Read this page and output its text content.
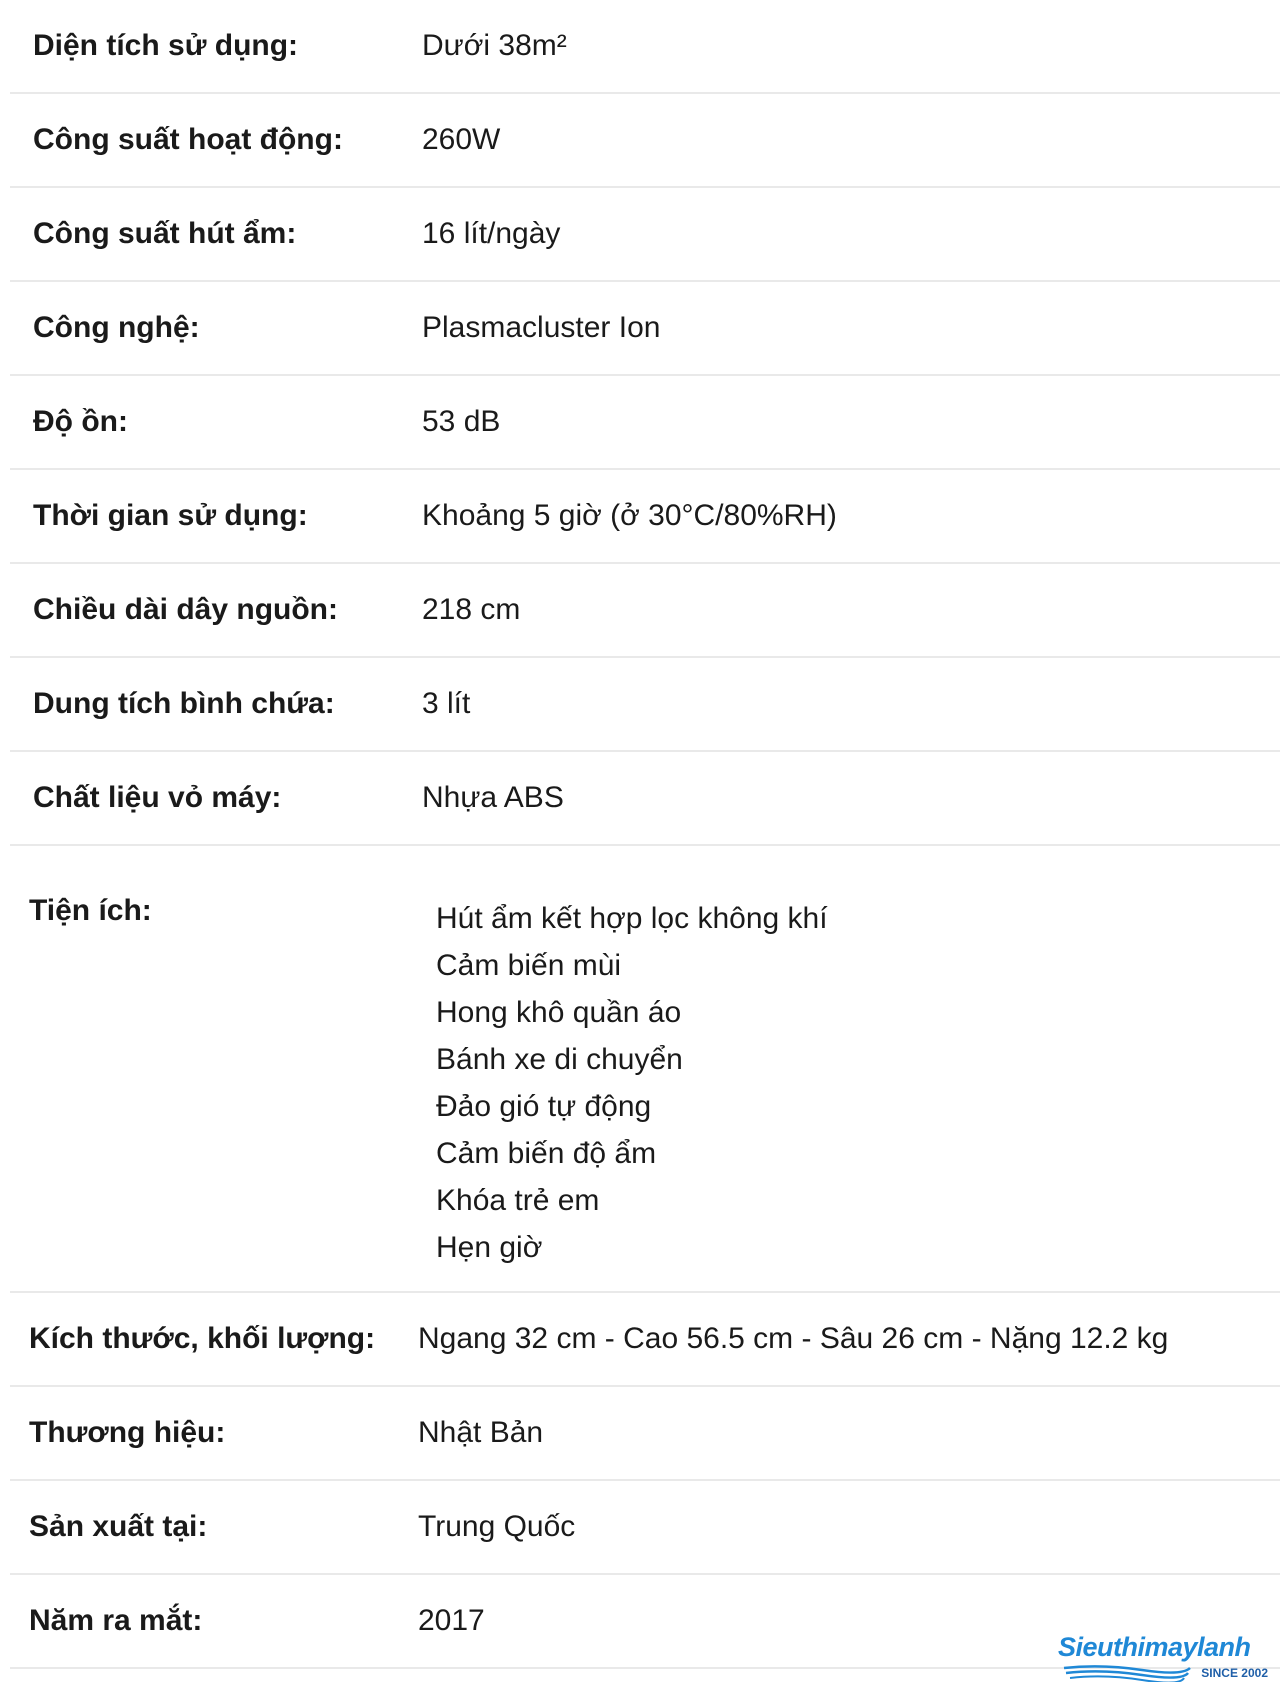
Diện tích sử dụng:	Dưới 38m²
Công suất hoạt động:	260W
Công suất hút ẩm:	16 lít/ngày
Công nghệ:	Plasmacluster Ion
Độ ồn:	53 dB
Thời gian sử dụng:	Khoảng 5 giờ (ở 30°C/80%RH)
Chiều dài dây nguồn:	218 cm
Dung tích bình chứa:	3 lít
Chất liệu vỏ máy:	Nhựa ABS
Tiện ích:	Hút ẩm kết hợp lọc không khí
Cảm biến mùi
Hong khô quần áo
Bánh xe di chuyển
Đảo gió tự động
Cảm biến độ ẩm
Khóa trẻ em
Hẹn giờ
Kích thước, khối lượng: Ngang 32 cm - Cao 56.5 cm - Sâu 26 cm - Nặng 12.2 kg
Thương hiệu:	Nhật Bản
Sản xuất tại:	Trung Quốc
Năm ra mắt:	2017
Sieuthimaylanh
SINCE 2002
